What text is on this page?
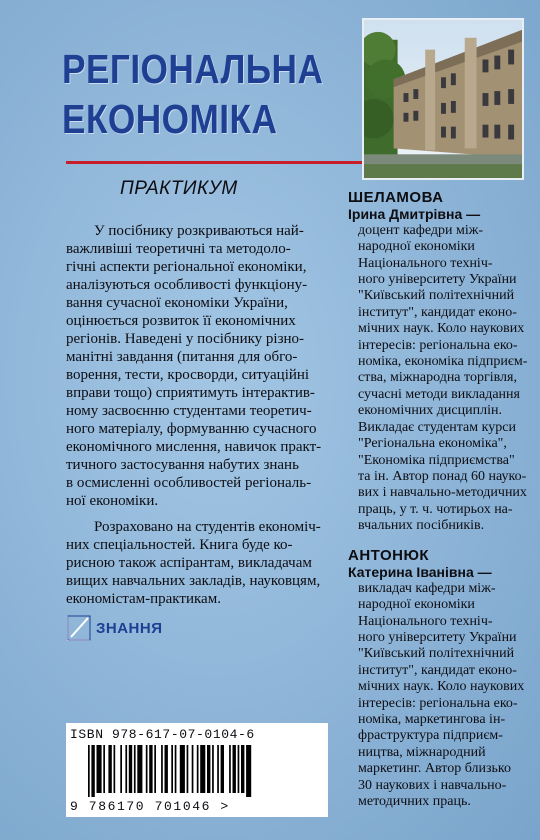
РЕГІОНАЛЬНА
ЕКОНОМІКА
ПРАКТИКУМ
У посібнику розкриваються най-
важливіші теоретичні та методоло-
гічні аспекти регіональної економіки,
аналізуються особливості функціону-
вання сучасної економіки України,
оцінюється розвиток її економічних
регіонів. Наведені у посібнику різно-
манітні завдання (питання для обго-
ворення, тести, кросворди, ситуаційні
вправи тощо) сприятимуть інтерактив-
ному засвоєнню студентами теоретич-
ного матеріалу, формуванню сучасного
економічного мислення, навичок практ-
тичного застосування набутих знань
в осмисленні особливостей регіональ-
ної економіки.
Розраховано на студентів економіч-
них спеціальностей. Книга буде ко-
рисною також аспірантам, викладачам
вищих навчальних закладів, науковцям,
економістам-практикам.
ШЕЛАМОВА
Ірина Дмитрівна —
доцент кафедри між-
народної економіки
Національного технiч-
ного університету України
"Київський політехнічний
інститут", кандидат еконо-
мічних наук. Коло наукових
інтересів: регіональна еко-
номіка, економіка підприєм-
ства, міжнародна торгівля,
сучасні методи викладання
економічних дисциплін.
Викладає студентам курси
"Регіональна економіка",
"Економіка підприємства"
та ін. Автор понад 60 науко-
вих і навчально-методичних
праць, у т. ч. чотирьох на-
вчальних посібників.
АНТОНЮК
Катерина Іванівна —
викладач кафедри між-
народної економіки
Національного техніч-
ного університету України
"Київський політехнічний
інститут", кандидат еконо-
мічних наук. Коло наукових
інтересів: регіональна еко-
номіка, маркетингова ін-
фраструктура підприєм-
ництва, міжнародний
маркетинг. Автор близько
30 наукових і навчально-
методичних праць.
ЗНАННЯ
ISBN 978-617-07-0104-6
9 786170 701046 >
